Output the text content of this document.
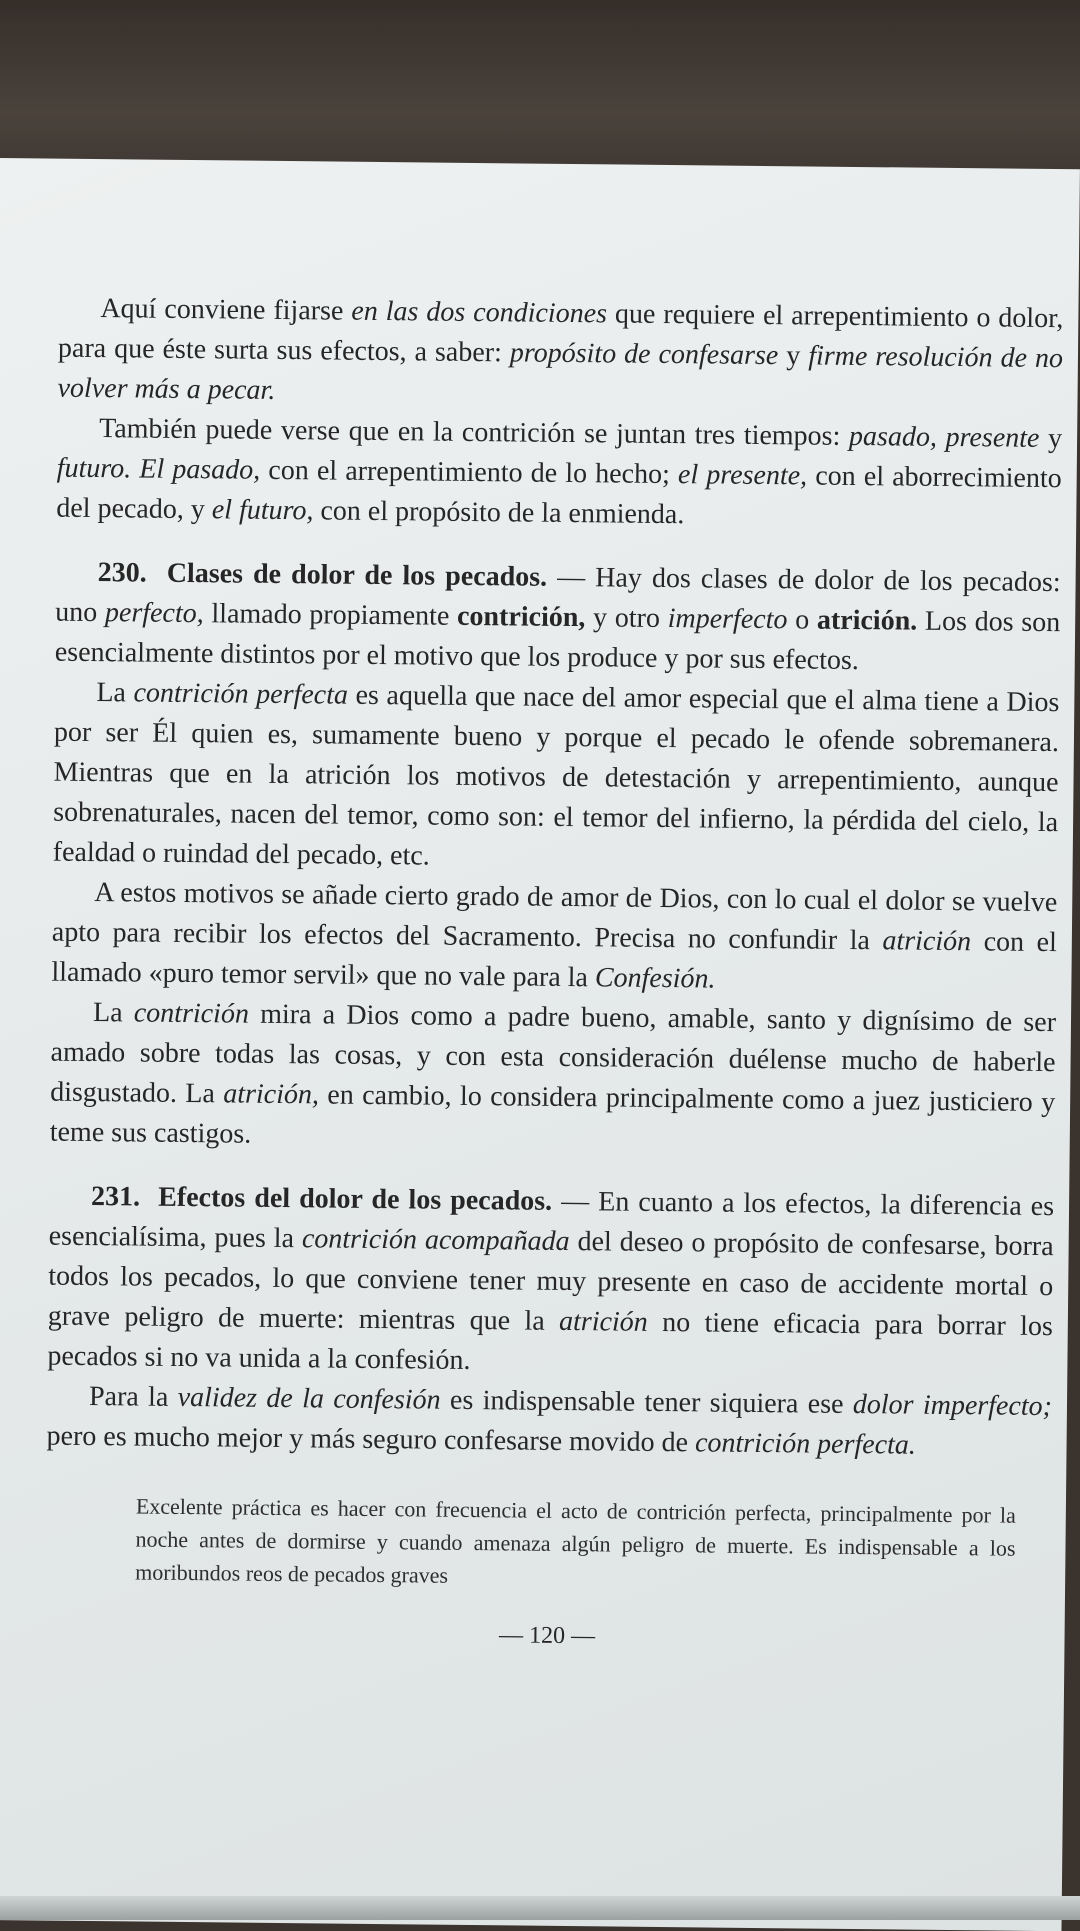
Aquí conviene fijarse en las dos condiciones que requiere el arrepentimiento o dolor, para que éste surta sus efectos, a saber: propósito de confesarse y firme resolución de no volver más a pecar.

También puede verse que en la contrición se juntan tres tiempos: pasado, presente y futuro. El pasado, con el arrepentimiento de lo hecho; el presente, con el aborrecimiento del pecado, y el futuro, con el propósito de la enmienda.

230. Clases de dolor de los pecados. — Hay dos clases de dolor de los pecados: uno perfecto, llamado propiamente contrición, y otro imperfecto o atrición. Los dos son esencialmente distintos por el motivo que los produce y por sus efectos.

La contrición perfecta es aquella que nace del amor especial que el alma tiene a Dios por ser Él quien es, sumamente bueno y porque el pecado le ofende sobremanera. Mientras que en la atrición los motivos de detestación y arrepentimiento, aunque sobrenaturales, nacen del temor, como son: el temor del infierno, la pérdida del cielo, la fealdad o ruindad del pecado, etc.

A estos motivos se añade cierto grado de amor de Dios, con lo cual el dolor se vuelve apto para recibir los efectos del Sacramento. Precisa no confundir la atrición con el llamado «puro temor servil» que no vale para la Confesión.

La contrición mira a Dios como a padre bueno, amable, santo y dignísimo de ser amado sobre todas las cosas, y con esta consideración duélense mucho de haberle disgustado. La atrición, en cambio, lo considera principalmente como a juez justiciero y teme sus castigos.

231. Efectos del dolor de los pecados. — En cuanto a los efectos, la diferencia es esencialísima, pues la contrición acompañada del deseo o propósito de confesarse, borra todos los pecados, lo que conviene tener muy presente en caso de accidente mortal o grave peligro de muerte: mientras que la atrición no tiene eficacia para borrar los pecados si no va unida a la confesión.

Para la validez de la confesión es indispensable tener siquiera ese dolor imperfecto; pero es mucho mejor y más seguro confesarse movido de contrición perfecta.

Excelente práctica es hacer con frecuencia el acto de contrición perfecta, principalmente por la noche antes de dormirse y cuando amenaza algún peligro de muerte. Es indispensable a los moribundos reos de pecados graves

— 120 —
